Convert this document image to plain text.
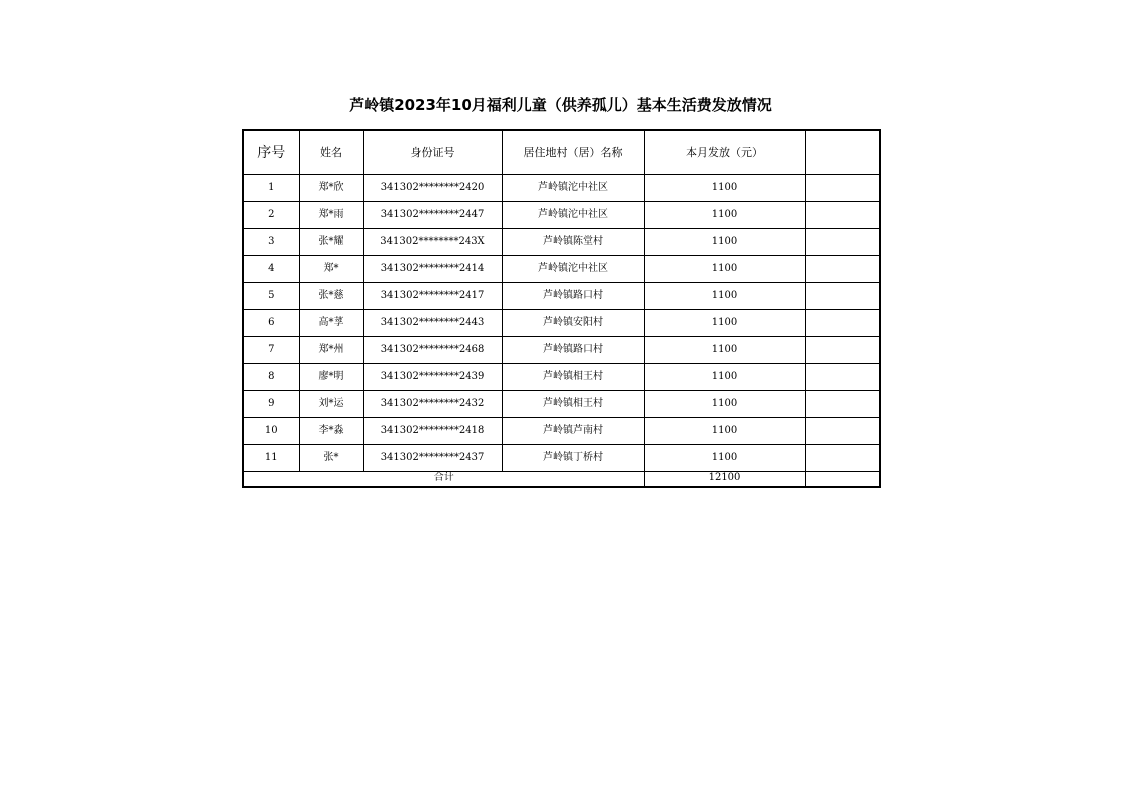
芦岭镇2023年10月福利儿童（供养孤儿）基本生活费发放情况
序号	姓名	身份证号	居住地村（居）名称	本月发放（元）	
1	郑*欣	341302********2420	芦岭镇沱中社区	1100	
2	郑*雨	341302********2447	芦岭镇沱中社区	1100	
3	张*耀	341302********243X	芦岭镇陈堂村	1100	
4	郑*	341302********2414	芦岭镇沱中社区	1100	
5	张*慈	341302********2417	芦岭镇路口村	1100	
6	高*莩	341302********2443	芦岭镇安阳村	1100	
7	郑*州	341302********2468	芦岭镇路口村	1100	
8	廖*明	341302********2439	芦岭镇相王村	1100	
9	刘*运	341302********2432	芦岭镇相王村	1100	
10	李*淼	341302********2418	芦岭镇芦南村	1100	
11	张*	341302********2437	芦岭镇丁桥村	1100	
合计				12100	
